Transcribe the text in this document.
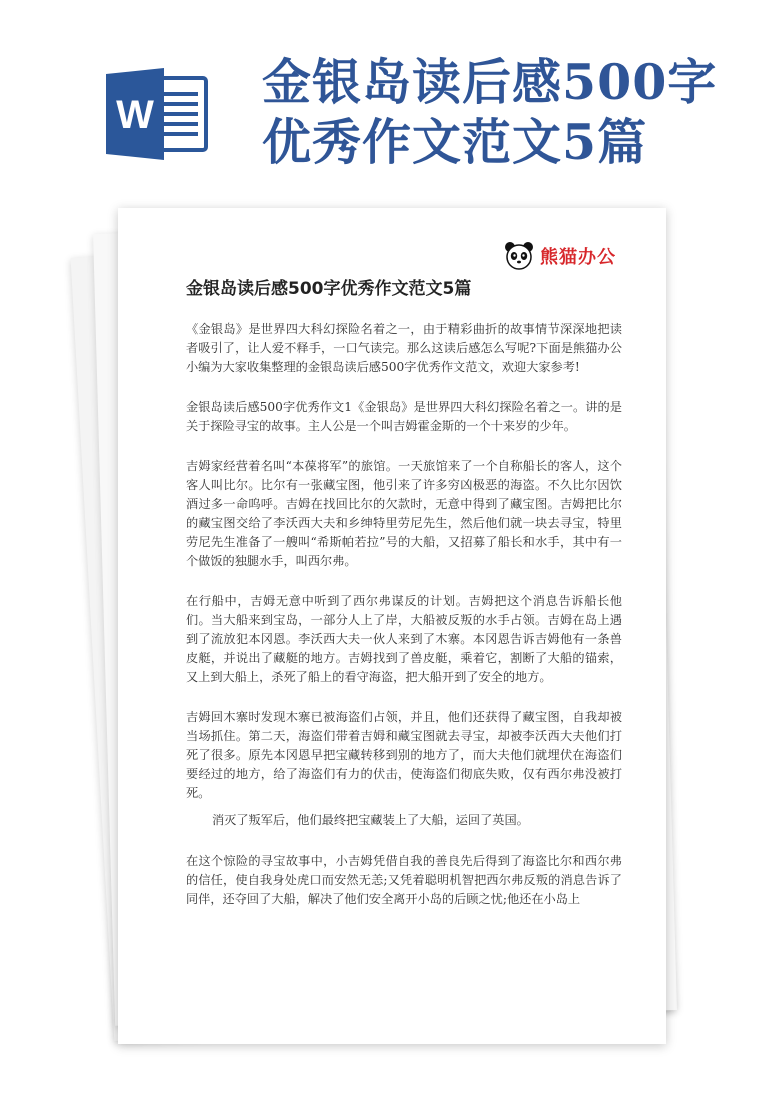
W
金银岛读后感500字
优秀作文范文5篇
熊猫办公
金银岛读后感500字优秀作文范文5篇

《金银岛》是世界四大科幻探险名着之一，由于精彩曲折的故事情节深深地把读者吸引了，让人爱不释手，一口气读完。那么这读后感怎么写呢?下面是熊猫办公小编为大家收集整理的金银岛读后感500字优秀作文范文，欢迎大家参考!

金银岛读后感500字优秀作文1《金银岛》是世界四大科幻探险名着之一。讲的是关于探险寻宝的故事。主人公是一个叫吉姆霍金斯的一个十来岁的少年。

吉姆家经营着名叫“本葆将军”的旅馆。一天旅馆来了一个自称船长的客人，这个客人叫比尔。比尔有一张藏宝图，他引来了许多穷凶极恶的海盗。不久比尔因饮酒过多一命呜呼。吉姆在找回比尔的欠款时，无意中得到了藏宝图。吉姆把比尔的藏宝图交给了李沃西大夫和乡绅特里劳尼先生，然后他们就一块去寻宝，特里劳尼先生准备了一艘叫“希斯帕若拉”号的大船，又招募了船长和水手，其中有一个做饭的独腿水手，叫西尔弗。

在行船中，吉姆无意中听到了西尔弗谋反的计划。吉姆把这个消息告诉船长他们。当大船来到宝岛，一部分人上了岸，大船被反叛的水手占领。吉姆在岛上遇到了流放犯本冈恩。李沃西大夫一伙人来到了木寨。本冈恩告诉吉姆他有一条兽皮艇，并说出了藏艇的地方。吉姆找到了兽皮艇，乘着它，割断了大船的锚索，又上到大船上，杀死了船上的看守海盗，把大船开到了安全的地方。

吉姆回木寨时发现木寨已被海盗们占领，并且，他们还获得了藏宝图，自我却被当场抓住。第二天，海盗们带着吉姆和藏宝图就去寻宝，却被李沃西大夫他们打死了很多。原先本冈恩早把宝藏转移到别的地方了，而大夫他们就埋伏在海盗们要经过的地方，给了海盗们有力的伏击，使海盗们彻底失败，仅有西尔弗没被打死。

消灭了叛军后，他们最终把宝藏装上了大船，运回了英国。

在这个惊险的寻宝故事中，小吉姆凭借自我的善良先后得到了海盗比尔和西尔弗的信任，使自我身处虎口而安然无恙;又凭着聪明机智把西尔弗反叛的消息告诉了同伴，还夺回了大船，解决了他们安全离开小岛的后顾之忧;他还在小岛上
